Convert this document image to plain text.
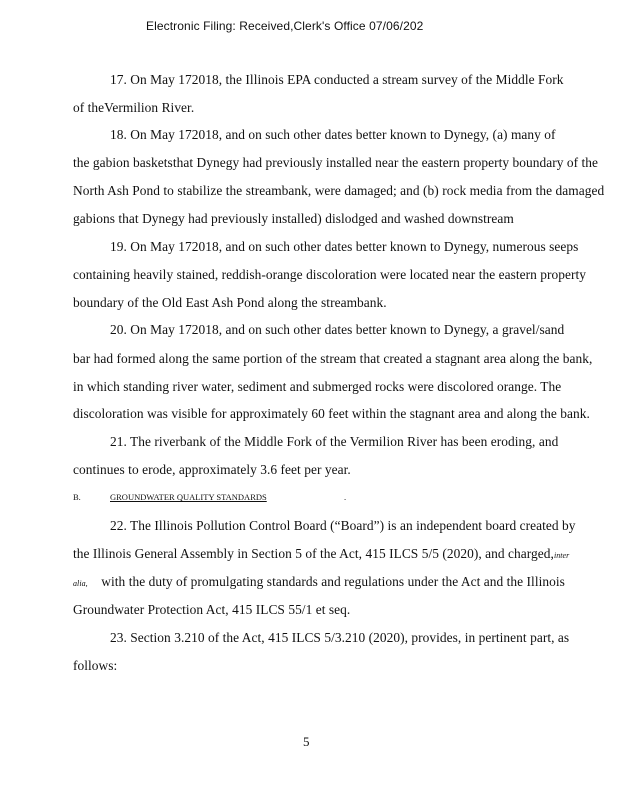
Electronic Filing: Received,Clerk's Office 07/06/202
17. On May 172018, the Illinois EPA conducted a stream survey of the Middle Fork
of theVermilion River.
18. On May 172018, and on such other dates better known to Dynegy, (a) many of
the gabion basketsthat Dynegy had previously installed near the eastern property boundary of the
North Ash Pond to stabilize the streambank, were damaged; and (b) rock media from the damaged
gabions that Dynegy had previously installed) dislodged and washed downstream
19. On May 172018, and on such other dates better known to Dynegy, numerous seeps
containing heavily stained, reddish-orange discoloration were located near the eastern property
boundary of the Old East Ash Pond along the streambank.
20. On May 172018, and on such other dates better known to Dynegy, a gravel/sand
bar had formed along the same portion of the stream that created a stagnant area along the bank,
in which standing river water, sediment and submerged rocks were discolored orange. The
discoloration was visible for approximately 60 feet within the stagnant area and along the bank.
21. The riverbank of the Middle Fork of the Vermilion River has been eroding, and
continues to erode, approximately 3.6 feet per year.
B.	GROUNDWATER QUALITY STANDARDS	.
22. The Illinois Pollution Control Board (“Board”) is an independent board created by
the Illinois General Assembly in Section 5 of the Act, 415 ILCS 5/5 (2020), and charged,inter
alia, with the duty of promulgating standards and regulations under the Act and the Illinois
Groundwater Protection Act, 415 ILCS 55/1 et seq.
23. Section 3.210 of the Act, 415 ILCS 5/3.210 (2020), provides, in pertinent part, as
follows:
5
